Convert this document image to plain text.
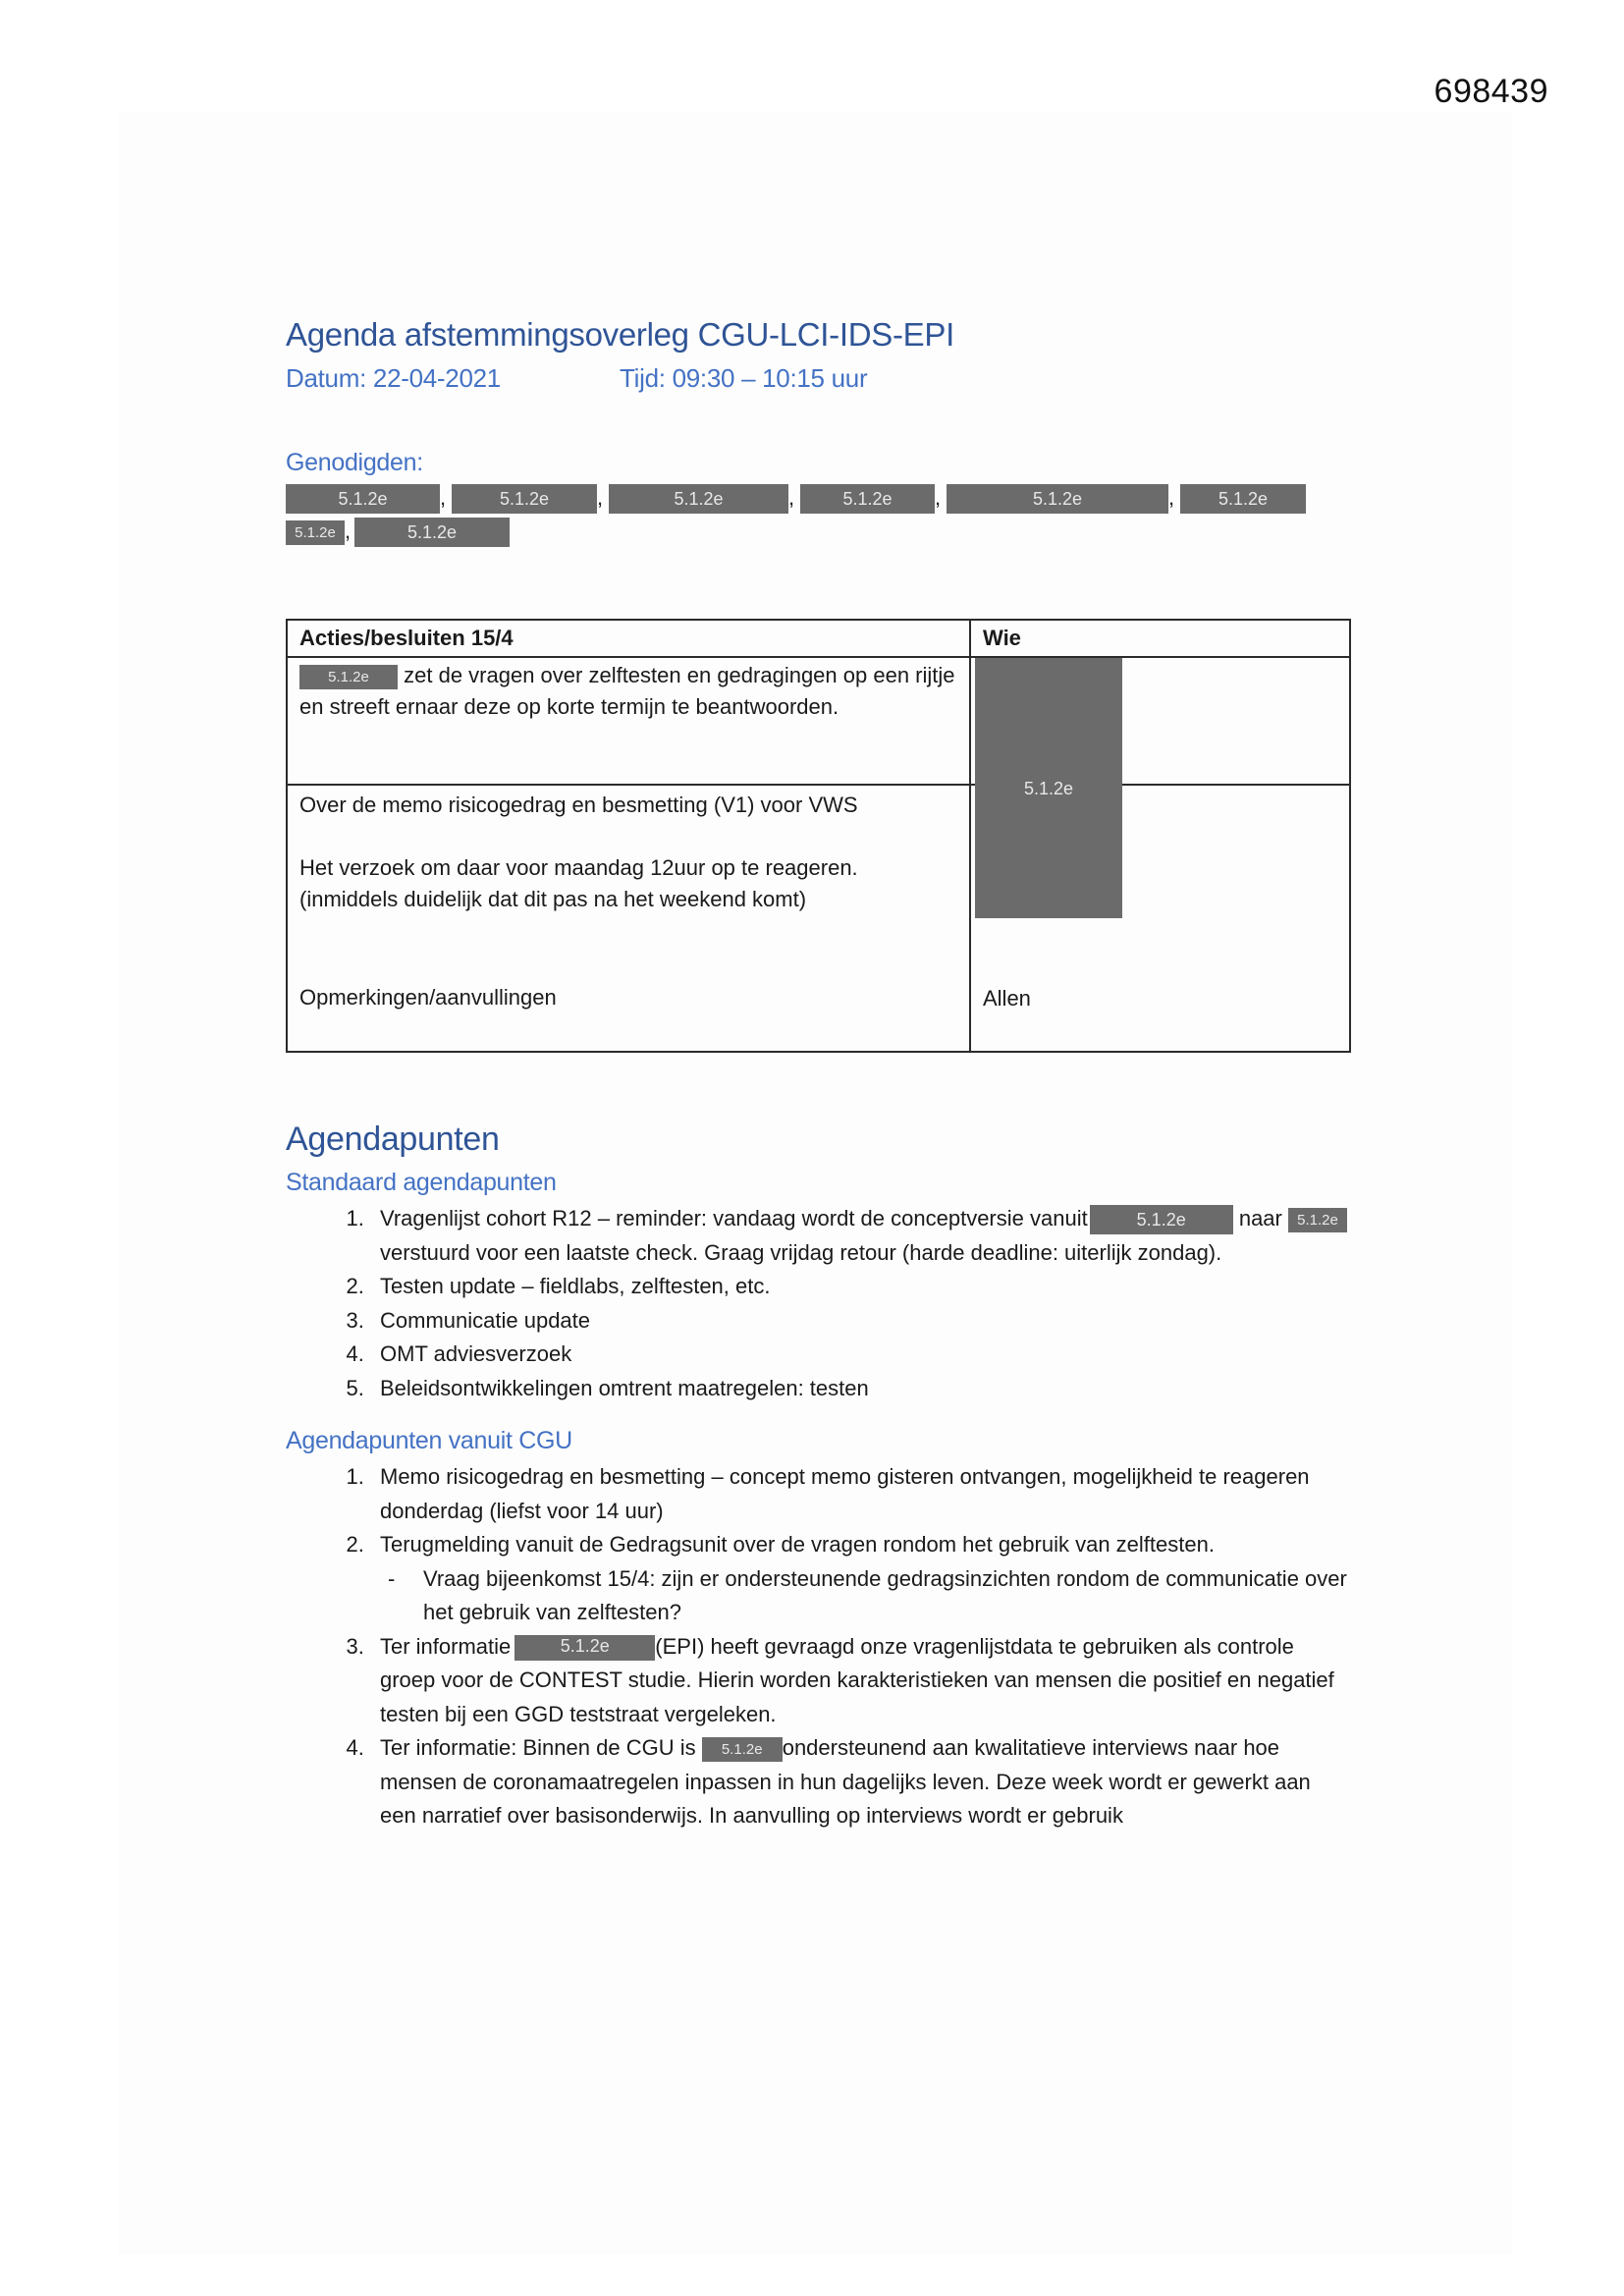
698439
Agenda afstemmingsoverleg CGU-LCI-IDS-EPI
Datum: 22-04-2021	Tijd: 09:30 – 10:15 uur
Genodigden:
5.1.2e ,	5.1.2e ,	5.1.2e	,	5.1.2e ,	5.1.2e	, 5.1.2e
5.1.2e ,	5.1.2e
Acties/besluiten 15/4	Wie
5.1.2e zet de vragen over zelftesten en gedragingen op een rijtje en streeft ernaar deze op korte termijn te beantwoorden.	5.1.2e

Over de memo risicogedrag en besmetting (V1) voor VWS
Het verzoek om daar voor maandag 12uur op te reageren.
(inmiddels duidelijk dat dit pas na het weekend komt)
Opmerkingen/aanvullingen	Allen
Agendapunten
Standaard agendapunten
1. Vragenlijst cohort R12 – reminder: vandaag wordt de conceptversie vanuit	5.1.2e naar 5.1.2everstuurd voor een laatste check. Graag vrijdag retour (harde deadline: uiterlijk zondag).
2. Testen update – fieldlabs, zelftesten, etc.
3. Communicatie update
4. OMT adviesverzoek
5. Beleidsontwikkelingen omtrent maatregelen: testen
Agendapunten vanuit CGU
1. Memo risicogedrag en besmetting – concept memo gisteren ontvangen, mogelijkheid te reageren donderdag (liefst voor 14 uur)
2. Terugmelding vanuit de Gedragsunit over de vragen rondom het gebruik van zelftesten.
- Vraag bijeenkomst 15/4: zijn er ondersteunende gedragsinzichten rondom de communicatie over het gebruik van zelftesten?
3. Ter informatie	5.1.2e (EPI) heeft gevraagd onze vragenlijstdata te gebruiken als controle groep voor de CONTEST studie. Hierin worden karakteristieken van mensen die positief en negatief testen bij een GGD teststraat vergeleken.
4. Ter informatie: Binnen de CGU is 5.1.2e ondersteunend aan kwalitatieve interviews naar hoe mensen de coronamaatregelen inpassen in hun dagelijks leven. Deze week wordt er gewerkt aan een narratief over basisonderwijs. In aanvulling op interviews wordt er gebruik
